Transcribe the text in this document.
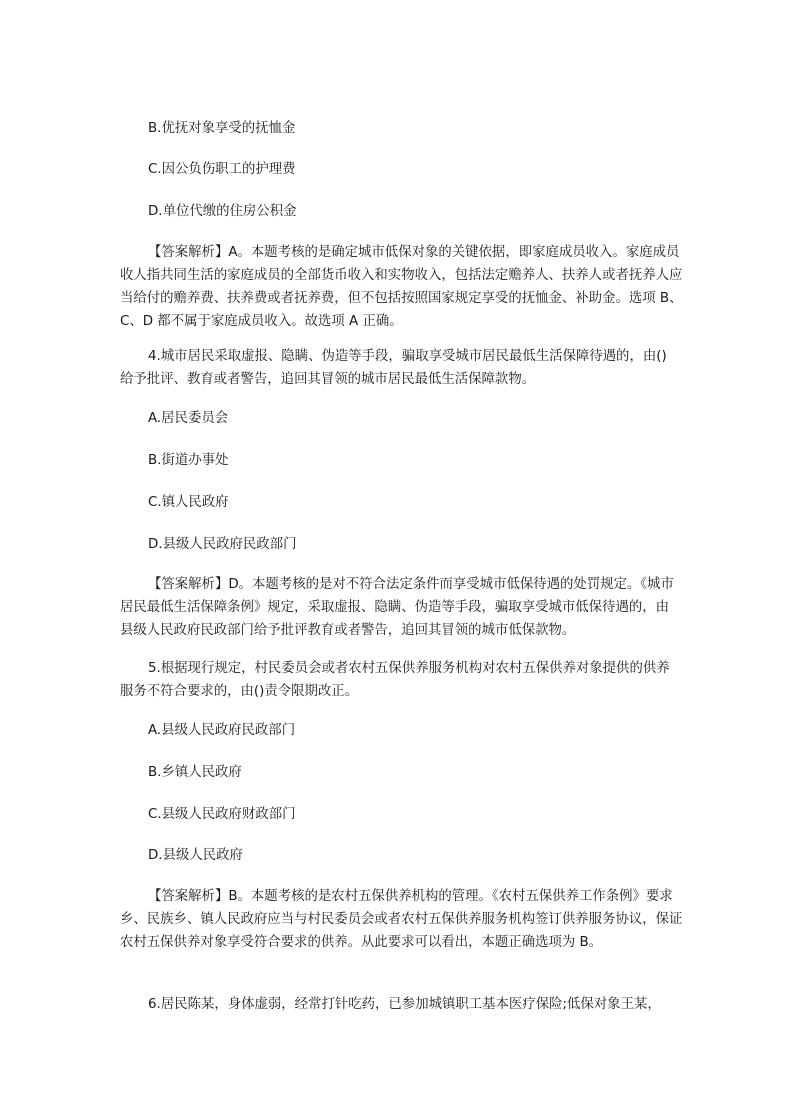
B.优抚对象享受的抚恤金
C.因公负伤职工的护理费
D.单位代缴的住房公积金

【答案解析】A。本题考核的是确定城市低保对象的关键依据，即家庭成员收入。家庭成员收人指共同生活的家庭成员的全部货币收入和实物收入，包括法定赡养人、扶养人或者抚养人应当给付的赡养费、扶养费或者抚养费，但不包括按照国家规定享受的抚恤金、补助金。选项 B、C、D 都不属于家庭成员收入。故选项 A 正确。

4.城市居民采取虚报、隐瞒、伪造等手段，骗取享受城市居民最低生活保障待遇的，由()给予批评、教育或者警告，追回其冒领的城市居民最低生活保障款物。

A.居民委员会
B.街道办事处
C.镇人民政府
D.县级人民政府民政部门

【答案解析】D。本题考核的是对不符合法定条件而享受城市低保待遇的处罚规定。《城市居民最低生活保障条例》规定，采取虚报、隐瞒、伪造等手段，骗取享受城市低保待遇的，由县级人民政府民政部门给予批评教育或者警告，追回其冒领的城市低保款物。

5.根据现行规定，村民委员会或者农村五保供养服务机构对农村五保供养对象提供的供养服务不符合要求的，由()责令限期改正。

A.县级人民政府民政部门
B.乡镇人民政府
C.县级人民政府财政部门
D.县级人民政府

【答案解析】B。本题考核的是农村五保供养机构的管理。《农村五保供养工作条例》要求乡、民族乡、镇人民政府应当与村民委员会或者农村五保供养服务机构签订供养服务协议，保证农村五保供养对象享受符合要求的供养。从此要求可以看出，本题正确选项为 B。

6.居民陈某，身体虚弱，经常打针吃药，已参加城镇职工基本医疗保险;低保对象王某，
